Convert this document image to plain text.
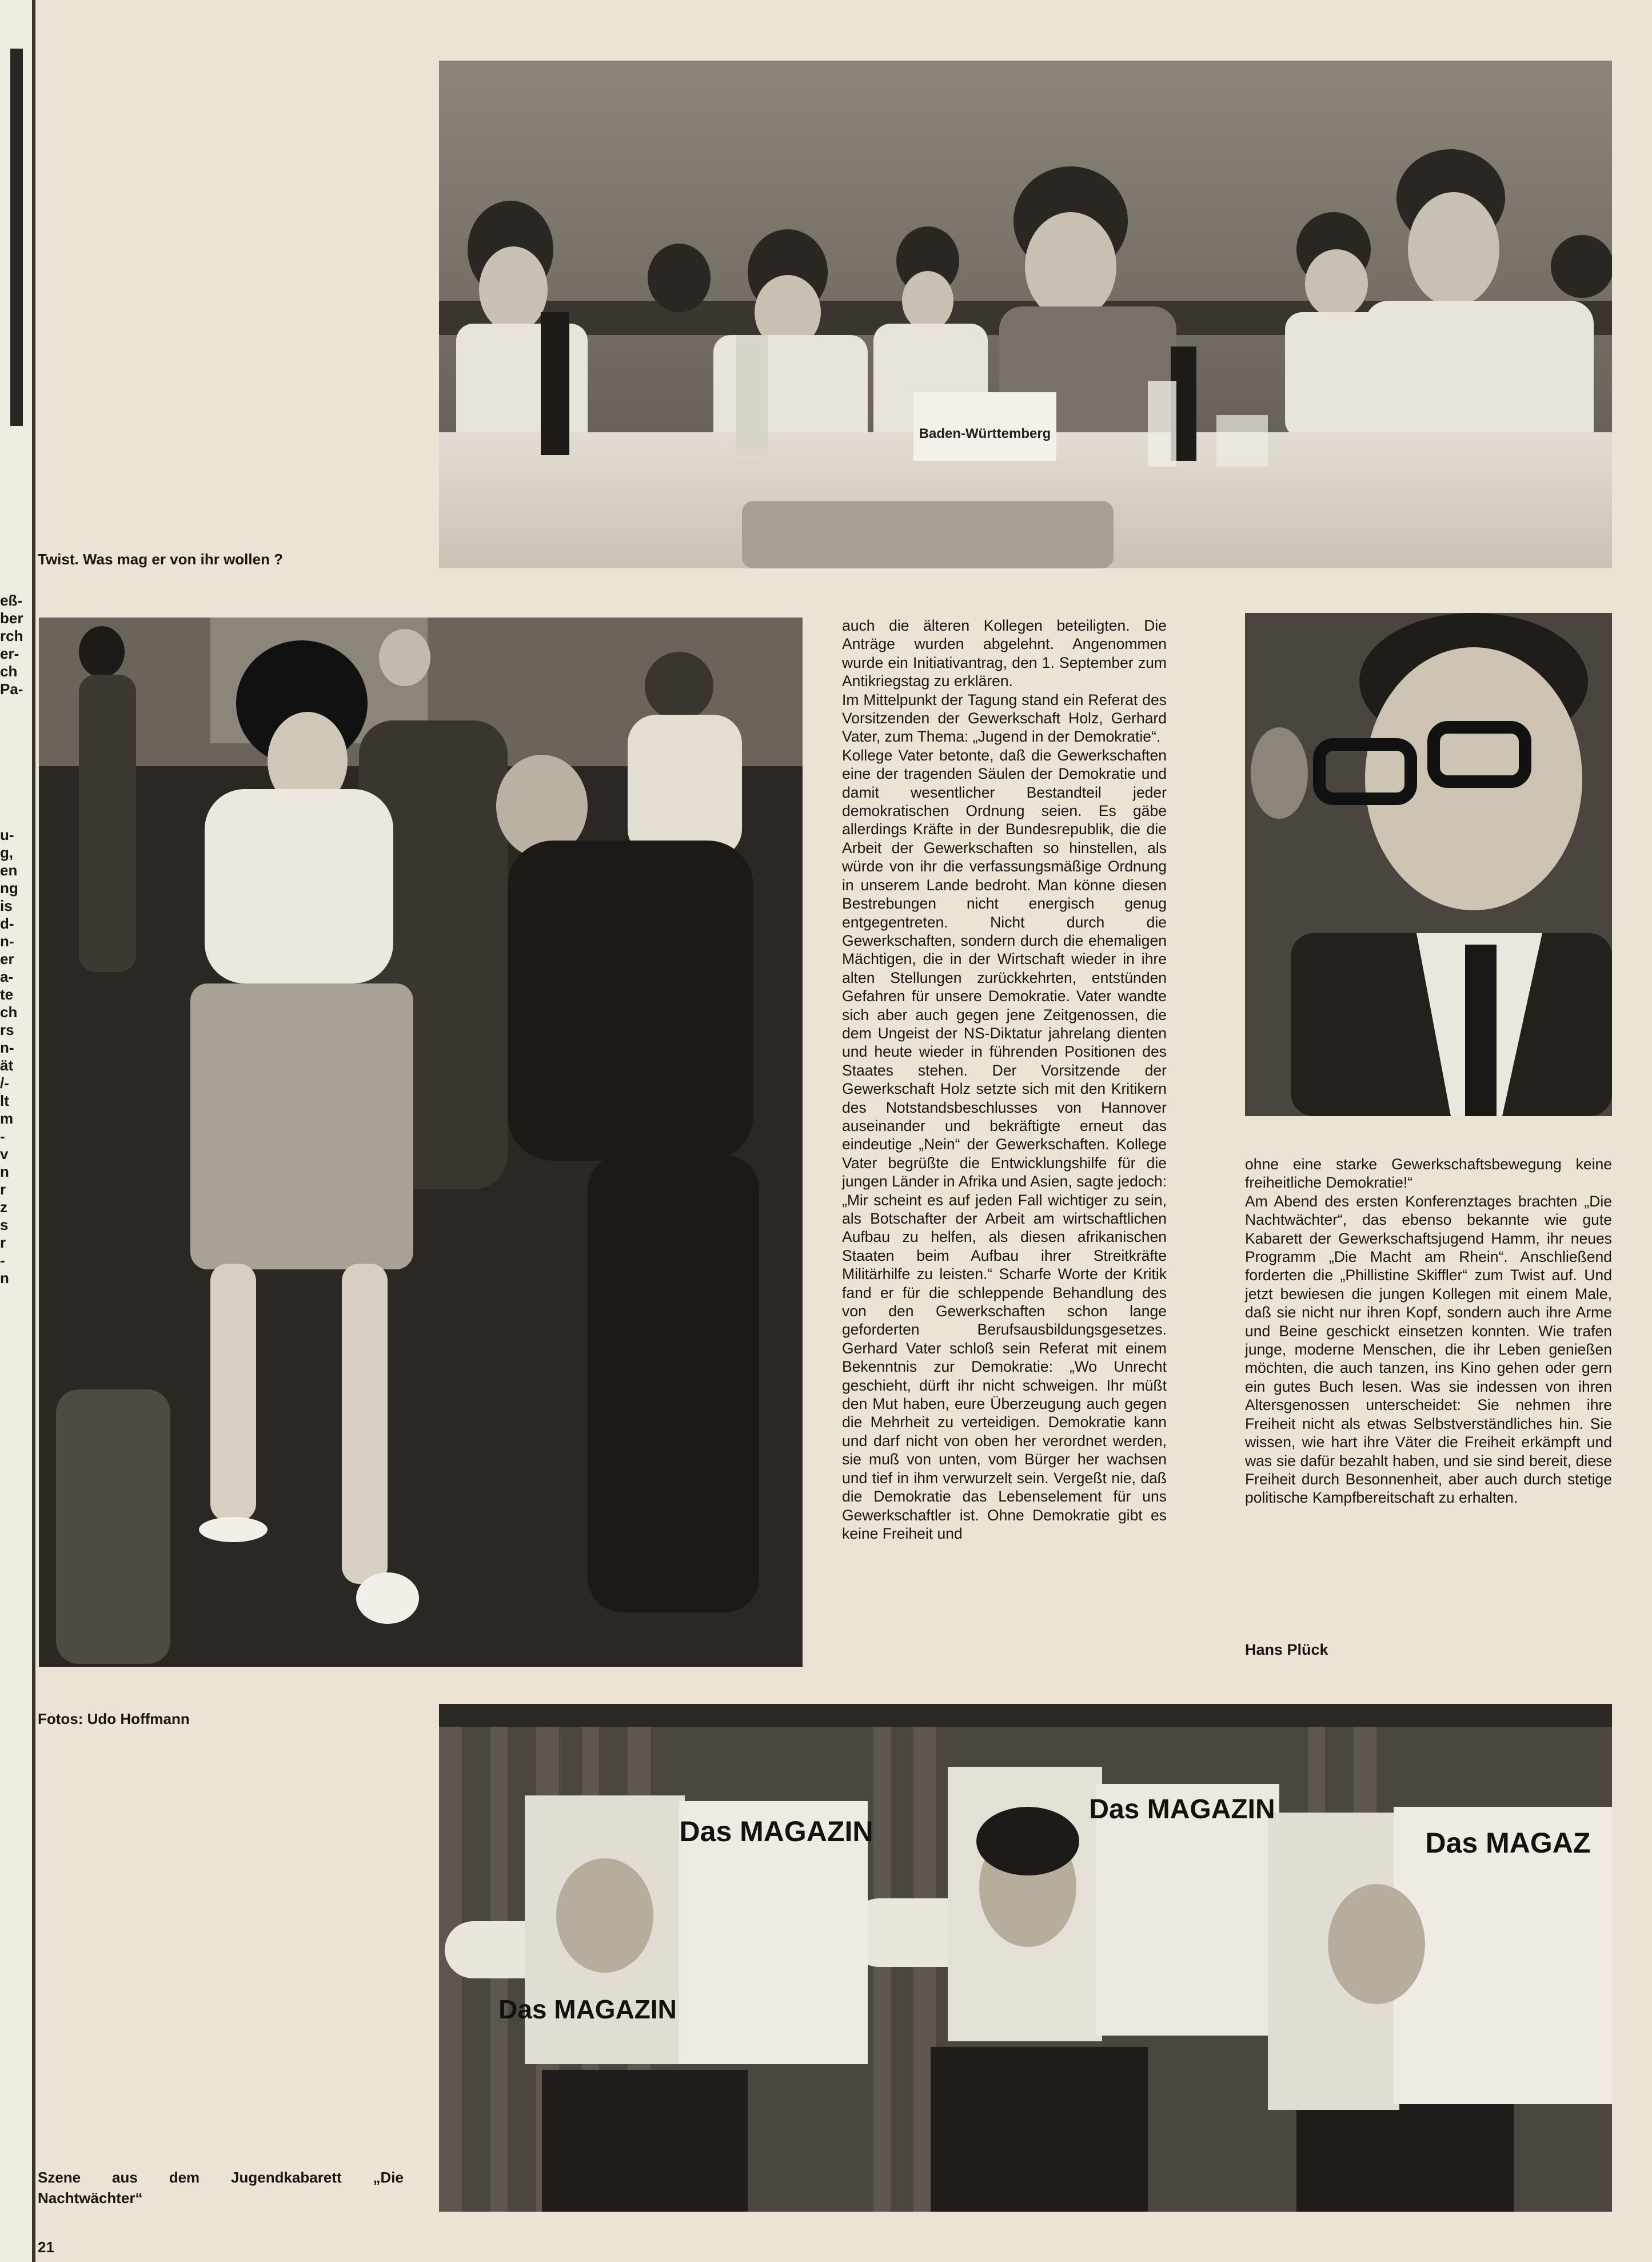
eß-
ber
rch
er-
ch
Pa-
u-
g,
en
ng
is
d-
n-
er
a-
te
ch
rs
n-
ät
/-
lt
m
-
v
n
r
z
s
r
-
n
Baden-Württemberg
Twist. Was mag er von ihr wollen ?
Fotos: Udo Hoffmann

auch die älteren Kollegen beteiligten. Die Anträge wurden abgelehnt. Angenommen wurde ein Initiativantrag, den 1. September zum Antikriegstag zu erklären.

Im Mittelpunkt der Tagung stand ein Referat des Vorsitzenden der Gewerkschaft Holz, Gerhard Vater, zum Thema: „Jugend in der Demokratie“.

Kollege Vater betonte, daß die Gewerkschaften eine der tragenden Säulen der Demokratie und damit wesentlicher Bestandteil jeder demokratischen Ordnung seien. Es gäbe allerdings Kräfte in der Bundesrepublik, die die Arbeit der Gewerkschaften so hinstellen, als würde von ihr die verfassungsmäßige Ordnung in unserem Lande bedroht. Man könne diesen Bestrebungen nicht energisch genug entgegentreten. Nicht durch die Gewerkschaften, sondern durch die ehemaligen Mächtigen, die in der Wirtschaft wieder in ihre alten Stellungen zurückkehrten, entstünden Gefahren für unsere Demokratie. Vater wandte sich aber auch gegen jene Zeitgenossen, die dem Ungeist der NS-Diktatur jahrelang dienten und heute wieder in führenden Positionen des Staates stehen. Der Vorsitzende der Gewerkschaft Holz setzte sich mit den Kritikern des Notstandsbeschlusses von Hannover auseinander und bekräftigte erneut das eindeutige „Nein“ der Gewerkschaften. Kollege Vater begrüßte die Entwicklungshilfe für die jungen Länder in Afrika und Asien, sagte jedoch: „Mir scheint es auf jeden Fall wichtiger zu sein, als Botschafter der Arbeit am wirtschaftlichen Aufbau zu helfen, als diesen afrikanischen Staaten beim Aufbau ihrer Streitkräfte Militärhilfe zu leisten.“ Scharfe Worte der Kritik fand er für die schleppende Behandlung des von den Gewerkschaften schon lange geforderten Berufsausbildungsgesetzes. Gerhard Vater schloß sein Referat mit einem Bekenntnis zur Demokratie: „Wo Unrecht geschieht, dürft ihr nicht schweigen. Ihr müßt den Mut haben, eure Überzeugung auch gegen die Mehrheit zu verteidigen. Demokratie kann und darf nicht von oben her verordnet werden, sie muß von unten, vom Bürger her wachsen und tief in ihm verwurzelt sein. Vergeßt nie, daß die Demokratie das Lebenselement für uns Gewerkschaftler ist. Ohne Demokratie gibt es keine Freiheit und

ohne eine starke Gewerkschaftsbewegung keine freiheitliche Demokratie!“

Am Abend des ersten Konferenztages brachten „Die Nachtwächter“, das ebenso bekannte wie gute Kabarett der Gewerkschaftsjugend Hamm, ihr neues Programm „Die Macht am Rhein“. Anschließend forderten die „Phillistine Skiffler“ zum Twist auf. Und jetzt bewiesen die jungen Kollegen mit einem Male, daß sie nicht nur ihren Kopf, sondern auch ihre Arme und Beine geschickt einsetzen konnten. Wie trafen junge, moderne Menschen, die ihr Leben genießen möchten, die auch tanzen, ins Kino gehen oder gern ein gutes Buch lesen. Was sie indessen von ihren Altersgenossen unterscheidet: Sie nehmen ihre Freiheit nicht als etwas Selbstverständliches hin. Sie wissen, wie hart ihre Väter die Freiheit erkämpft und was sie dafür bezahlt haben, und sie sind bereit, diese Freiheit durch Besonnenheit, aber auch durch stetige politische Kampfbereitschaft zu erhalten.

Hans Plück
Das MAGAZIN
Das MAGAZIN
Das MAGAZIN
Das MAGAZ
Szene aus dem Jugendkabarett „Die Nachtwächter“
21
